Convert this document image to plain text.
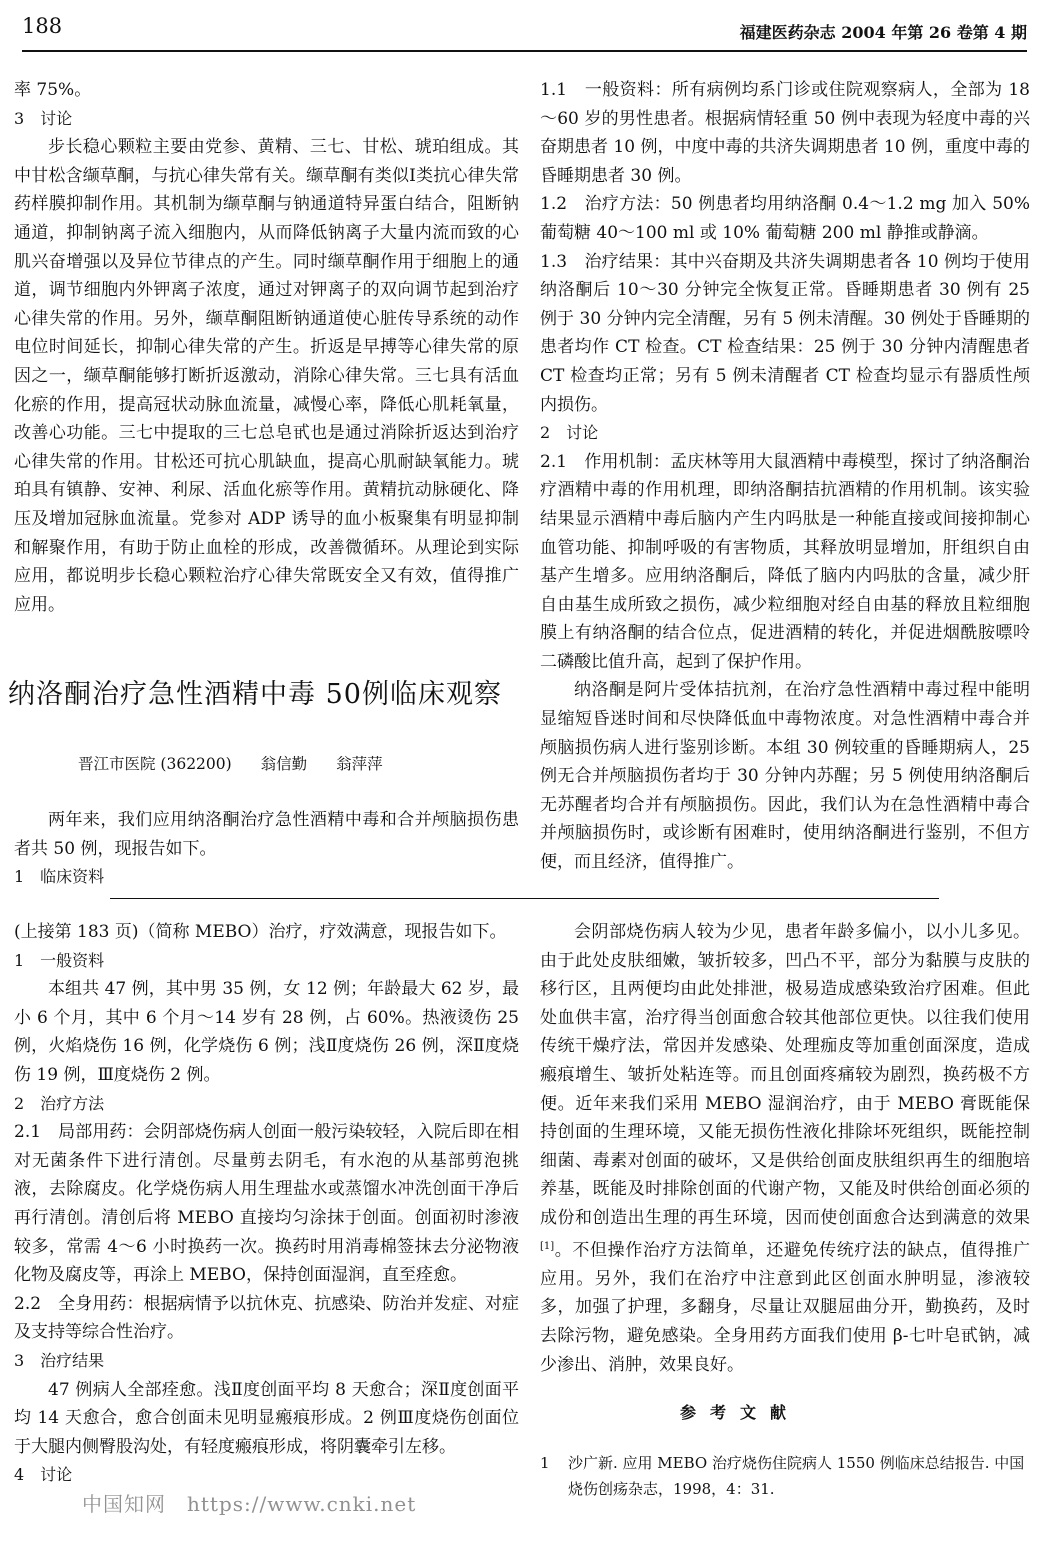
188	福建医药杂志 2004 年第 26 卷第 4 期

率 75%。

3　讨论

步长稳心颗粒主要由党参、黄精、三七、甘松、琥珀组成。其中甘松含缬草酮，与抗心律失常有关。缬草酮有类似Ⅰ类抗心律失常药样膜抑制作用。其机制为缬草酮与钠通道特异蛋白结合，阻断钠通道，抑制钠离子流入细胞内，从而降低钠离子大量内流而致的心肌兴奋增强以及异位节律点的产生。同时缬草酮作用于细胞上的通道，调节细胞内外钾离子浓度，通过对钾离子的双向调节起到治疗心律失常的作用。另外，缬草酮阻断钠通道使心脏传导系统的动作电位时间延长，抑制心律失常的产生。折返是早搏等心律失常的原因之一，缬草酮能够打断折返激动，消除心律失常。三七具有活血化瘀的作用，提高冠状动脉血流量，减慢心率，降低心肌耗氧量，改善心功能。三七中提取的三七总皂甙也是通过消除折返达到治疗心律失常的作用。甘松还可抗心肌缺血，提高心肌耐缺氧能力。琥珀具有镇静、安神、利尿、活血化瘀等作用。黄精抗动脉硬化、降压及增加冠脉血流量。党参对 ADP 诱导的血小板聚集有明显抑制和解聚作用，有助于防止血栓的形成，改善微循环。从理论到实际应用，都说明步长稳心颗粒治疗心律失常既安全又有效，值得推广应用。

纳洛酮治疗急性酒精中毒 50例临床观察
晋江市医院 (362200) 翁信勤 翁萍萍

两年来，我们应用纳洛酮治疗急性酒精中毒和合并颅脑损伤患者共 50 例，现报告如下。

1　临床资料

1.1　一般资料：所有病例均系门诊或住院观察病人，全部为 18～60 岁的男性患者。根据病情轻重 50 例中表现为轻度中毒的兴奋期患者 10 例，中度中毒的共济失调期患者 10 例，重度中毒的昏睡期患者 30 例。

1.2　治疗方法：50 例患者均用纳洛酮 0.4～1.2 mg 加入 50% 葡萄糖 40～100 ml 或 10% 葡萄糖 200 ml 静推或静滴。

1.3　治疗结果：其中兴奋期及共济失调期患者各 10 例均于使用纳洛酮后 10～30 分钟完全恢复正常。昏睡期患者 30 例有 25 例于 30 分钟内完全清醒，另有 5 例未清醒。30 例处于昏睡期的患者均作 CT 检查。CT 检查结果：25 例于 30 分钟内清醒患者 CT 检查均正常；另有 5 例未清醒者 CT 检查均显示有器质性颅内损伤。

2　讨论

2.1　作用机制：孟庆林等用大鼠酒精中毒模型，探讨了纳洛酮治疗酒精中毒的作用机理，即纳洛酮拮抗酒精的作用机制。该实验结果显示酒精中毒后脑内产生内吗肽是一种能直接或间接抑制心血管功能、抑制呼吸的有害物质，其释放明显增加，肝组织自由基产生增多。应用纳洛酮后，降低了脑内内吗肽的含量，减少肝自由基生成所致之损伤，减少粒细胞对经自由基的释放且粒细胞膜上有纳洛酮的结合位点，促进酒精的转化，并促进烟酰胺嘌呤二磷酸比值升高，起到了保护作用。

纳洛酮是阿片受体拮抗剂，在治疗急性酒精中毒过程中能明显缩短昏迷时间和尽快降低血中毒物浓度。对急性酒精中毒合并颅脑损伤病人进行鉴别诊断。本组 30 例较重的昏睡期病人，25 例无合并颅脑损伤者均于 30 分钟内苏醒；另 5 例使用纳洛酮后无苏醒者均合并有颅脑损伤。因此，我们认为在急性酒精中毒合并颅脑损伤时，或诊断有困难时，使用纳洛酮进行鉴别，不但方便，而且经济，值得推广。

(上接第 183 页)（简称 MEBO）治疗，疗效满意，现报告如下。

1　一般资料

本组共 47 例，其中男 35 例，女 12 例；年龄最大 62 岁，最小 6 个月，其中 6 个月～14 岁有 28 例，占 60%。热液烫伤 25 例，火焰烧伤 16 例，化学烧伤 6 例；浅Ⅱ度烧伤 26 例，深Ⅱ度烧伤 19 例，Ⅲ度烧伤 2 例。

2　治疗方法

2.1　局部用药：会阴部烧伤病人创面一般污染较轻，入院后即在相对无菌条件下进行清创。尽量剪去阴毛，有水泡的从基部剪泡挑液，去除腐皮。化学烧伤病人用生理盐水或蒸馏水冲洗创面干净后再行清创。清创后将 MEBO 直接均匀涂抹于创面。创面初时渗液较多，常需 4～6 小时换药一次。换药时用消毒棉签抹去分泌物液化物及腐皮等，再涂上 MEBO，保持创面湿润，直至痊愈。

2.2　全身用药：根据病情予以抗休克、抗感染、防治并发症、对症及支持等综合性治疗。

3　治疗结果

47 例病人全部痊愈。浅Ⅱ度创面平均 8 天愈合；深Ⅱ度创面平均 14 天愈合，愈合创面未见明显瘢痕形成。2 例Ⅲ度烧伤创面位于大腿内侧臀股沟处，有轻度瘢痕形成，将阴囊牵引左移。

4　讨论

会阴部烧伤病人较为少见，患者年龄多偏小，以小儿多见。由于此处皮肤细嫩，皱折较多，凹凸不平，部分为黏膜与皮肤的移行区，且两便均由此处排泄，极易造成感染致治疗困难。但此处血供丰富，治疗得当创面愈合较其他部位更快。以往我们使用传统干燥疗法，常因并发感染、处理痂皮等加重创面深度，造成瘢痕增生、皱折处粘连等。而且创面疼痛较为剧烈，换药极不方便。近年来我们采用 MEBO 湿润治疗，由于 MEBO 膏既能保持创面的生理环境，又能无损伤性液化排除坏死组织，既能控制细菌、毒素对创面的破坏，又是供给创面皮肤组织再生的细胞培养基，既能及时排除创面的代谢产物，又能及时供给创面必须的成份和创造出生理的再生环境，因而使创面愈合达到满意的效果[1]。不但操作治疗方法简单，还避免传统疗法的缺点，值得推广应用。另外，我们在治疗中注意到此区创面水肿明显，渗液较多，加强了护理，多翻身，尽量让双腿屈曲分开，勤换药，及时去除污物，避免感染。全身用药方面我们使用 β-七叶皂甙钠，减少渗出、消肿，效果良好。

参考文献
1 沙广新. 应用 MEBO 治疗烧伤住院病人 1550 例临床总结报告. 中国烧伤创疡杂志，1998，4：31.
中国知网　https://www.cnki.net
